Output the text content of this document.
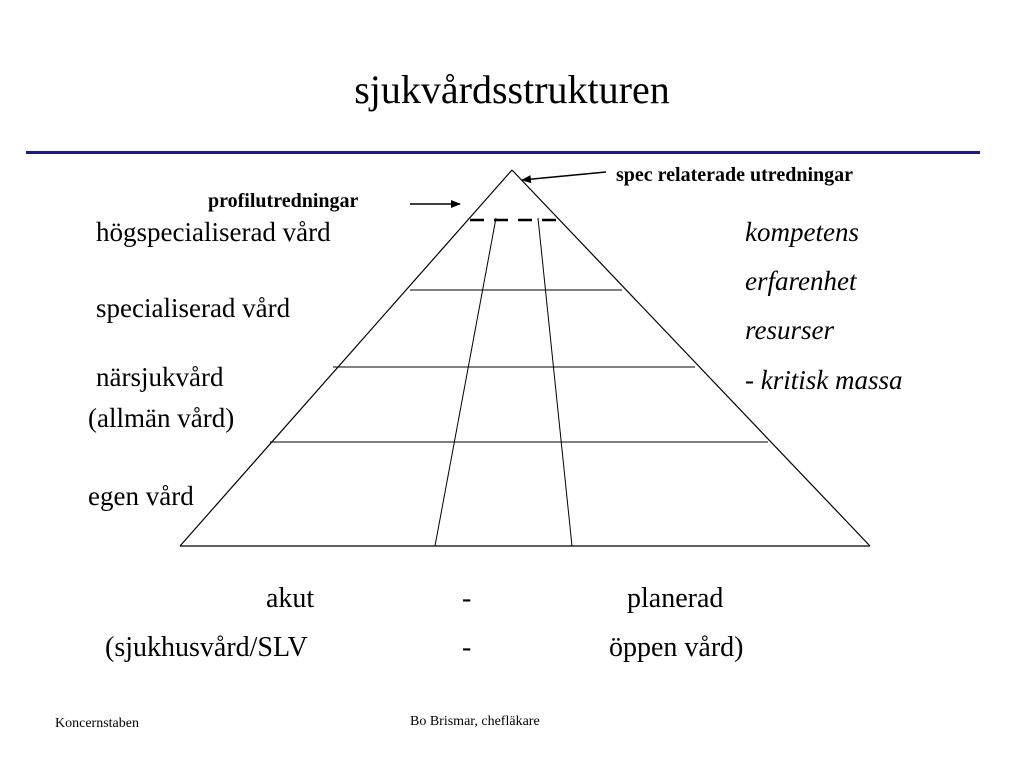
sjukvårdsstrukturen
spec relaterade utredningar
profilutredningar
högspecialiserad vård
specialiserad vård
närsjukvård
(allmän vård)
egen vård
kompetens
erfarenhet
resurser
- kritisk massa
akut	-	planerad
(sjukhusvård/SLV	-	öppen vård)
Koncernstaben	Bo Brismar, chefläkare
